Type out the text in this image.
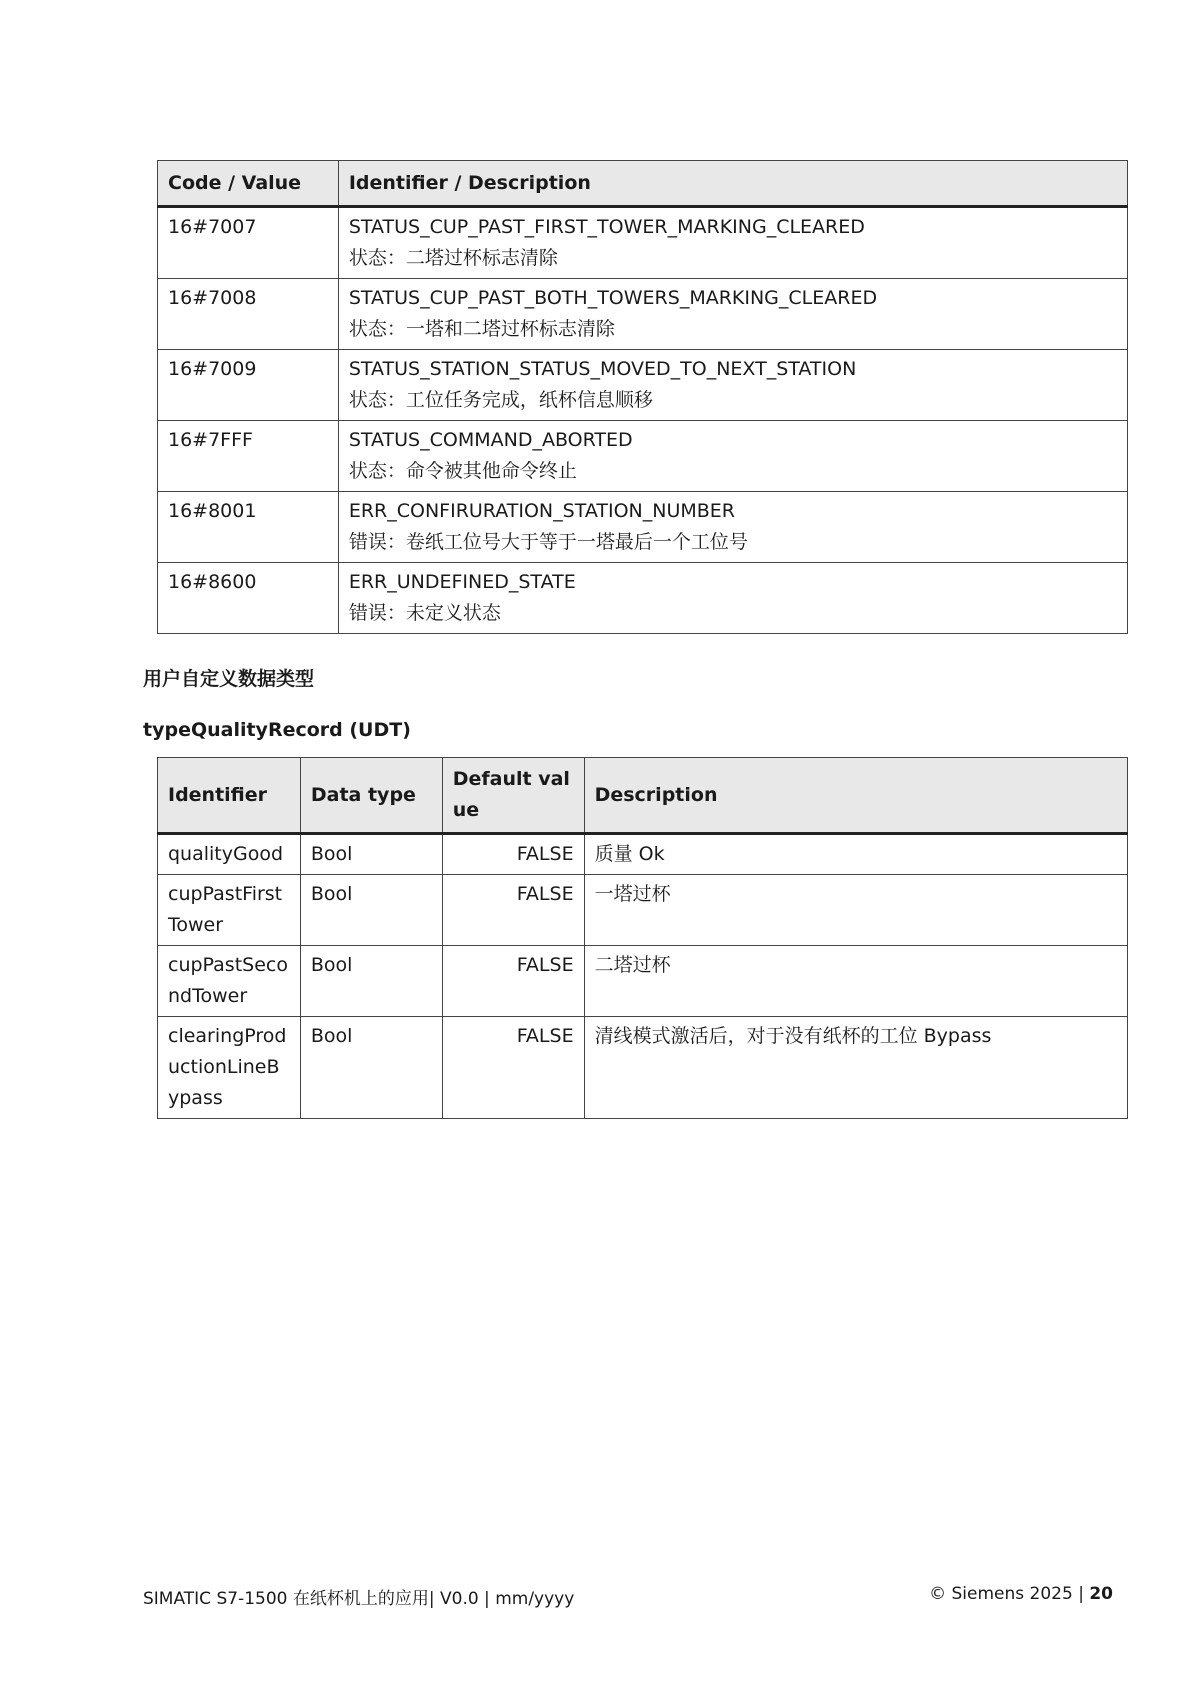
Code / Value	Identifier / Description
16#7007	STATUS_CUP_PAST_FIRST_TOWER_MARKING_CLEARED
状态：二塔过杯标志清除

16#7008	STATUS_CUP_PAST_BOTH_TOWERS_MARKING_CLEARED
状态：一塔和二塔过杯标志清除

16#7009	STATUS_STATION_STATUS_MOVED_TO_NEXT_STATION
状态：工位任务完成，纸杯信息顺移

16#7FFF	STATUS_COMMAND_ABORTED
状态：命令被其他命令终止

16#8001	ERR_CONFIRURATION_STATION_NUMBER
错误：卷纸工位号大于等于一塔最后一个工位号

16#8600	ERR_UNDEFINED_STATE
错误：未定义状态

用户自定义数据类型

typeQualityRecord (UDT)

Identifier	Data type	Default value	Description
qualityGood	Bool	FALSE	质量 Ok
cupPastFirstTower	Bool	FALSE	一塔过杯
cupPastSecondTower	Bool	FALSE	二塔过杯
clearingProductionLineBypass	Bool	FALSE	清线模式激活后，对于没有纸杯的工位 Bypass
SIMATIC S7-1500 在纸杯机上的应用| V0.0 | mm/yyyy	© Siemens 2025 | 20
